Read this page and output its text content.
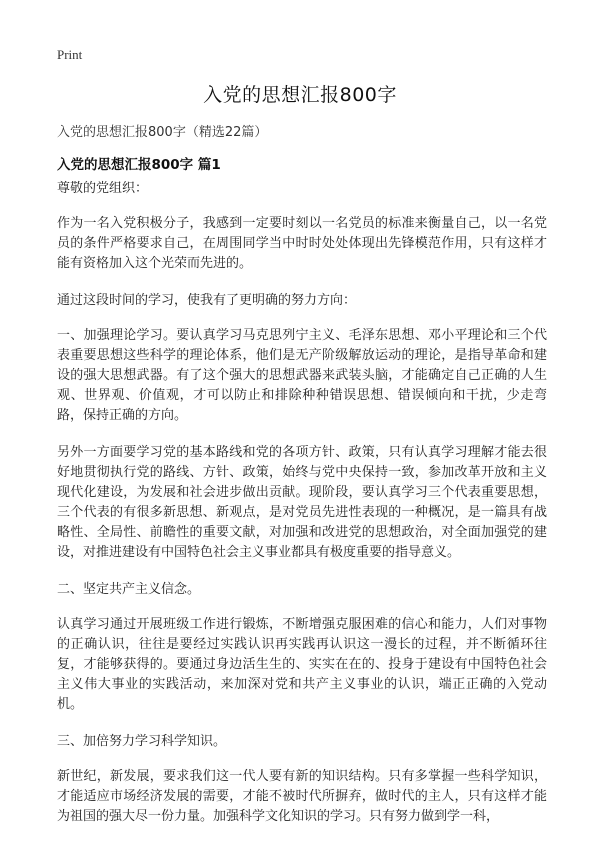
Print
入党的思想汇报800字
入党的思想汇报800字（精选22篇）
入党的思想汇报800字 篇1

尊敬的党组织：

作为一名入党积极分子，我感到一定要时刻以一名党员的标准来衡量自己，以一名党员的条件严格要求自己，在周围同学当中时时处处体现出先锋模范作用，只有这样才能有资格加入这个光荣而先进的。

通过这段时间的学习，使我有了更明确的努力方向：

一、加强理论学习。要认真学习马克思列宁主义、毛泽东思想、邓小平理论和三个代表重要思想这些科学的理论体系，他们是无产阶级解放运动的理论，是指导革命和建设的强大思想武器。有了这个强大的思想武器来武装头脑，才能确定自己正确的人生观、世界观、价值观，才可以防止和排除种种错误思想、错误倾向和干扰，少走弯路，保持正确的方向。

另外一方面要学习党的基本路线和党的各项方针、政策，只有认真学习理解才能去很好地贯彻执行党的路线、方针、政策，始终与党中央保持一致，参加改革开放和主义现代化建设，为发展和社会进步做出贡献。现阶段，要认真学习三个代表重要思想，三个代表的有很多新思想、新观点，是对党员先进性表现的一种概况，是一篇具有战略性、全局性、前瞻性的重要文献，对加强和改进党的思想政治，对全面加强党的建设，对推进建设有中国特色社会主义事业都具有极度重要的指导意义。

二、坚定共产主义信念。

认真学习通过开展班级工作进行锻炼，不断增强克服困难的信心和能力，人们对事物的正确认识，往往是要经过实践认识再实践再认识这一漫长的过程，并不断循环往复，才能够获得的。要通过身边活生生的、实实在在的、投身于建设有中国特色社会主义伟大事业的实践活动，来加深对党和共产主义事业的认识，端正正确的入党动机。

三、加倍努力学习科学知识。

新世纪，新发展，要求我们这一代人要有新的知识结构。只有多掌握一些科学知识，才能适应市场经济发展的需要，才能不被时代所摒弃，做时代的主人，只有这样才能为祖国的强大尽一份力量。加强科学文化知识的学习。只有努力做到学一科，
